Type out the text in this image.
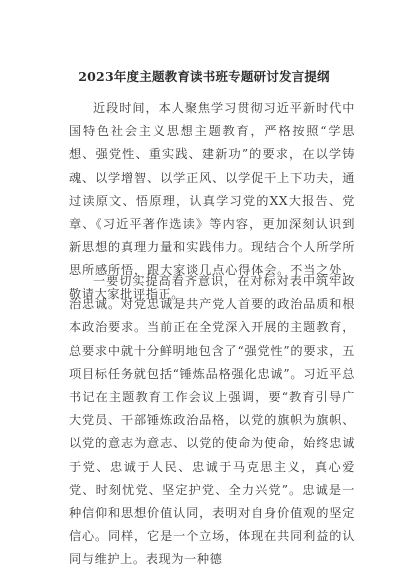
2023年度主题教育读书班专题研讨发言提纲

近段时间，本人聚焦学习贯彻习近平新时代中国特色社会主义思想主题教育，严格按照“学思想、强党性、重实践、建新功”的要求，在以学铸魂、以学增智、以学正风、以学促干上下功夫，通过读原文、悟原理，认真学习党的XX大报告、党章、《习近平著作选读》等内容，更加深刻认识到新思想的真理力量和实践伟力。现结合个人所学所思所感所悟，跟大家谈几点心得体会。不当之处，敬请大家批评指正。

一要切实提高看齐意识，在对标对表中筑牢政治忠诚。对党忠诚是共产党人首要的政治品质和根本政治要求。当前正在全党深入开展的主题教育，总要求中就十分鲜明地包含了“强党性”的要求，五项目标任务就包括“锤炼品格强化忠诚”。习近平总书记在主题教育工作会议上强调，要“教育引导广大党员、干部锤炼政治品格，以党的旗帜为旗帜、以党的意志为意志、以党的使命为使命，始终忠诚于党、忠诚于人民、忠诚于马克思主义，真心爱党、时刻忧党、坚定护党、全力兴党”。忠诚是一种信仰和思想价值认同，表明对自身价值观的坚定信心。同样，它是一个立场，体现在共同利益的认同与维护上。表现为一种德
